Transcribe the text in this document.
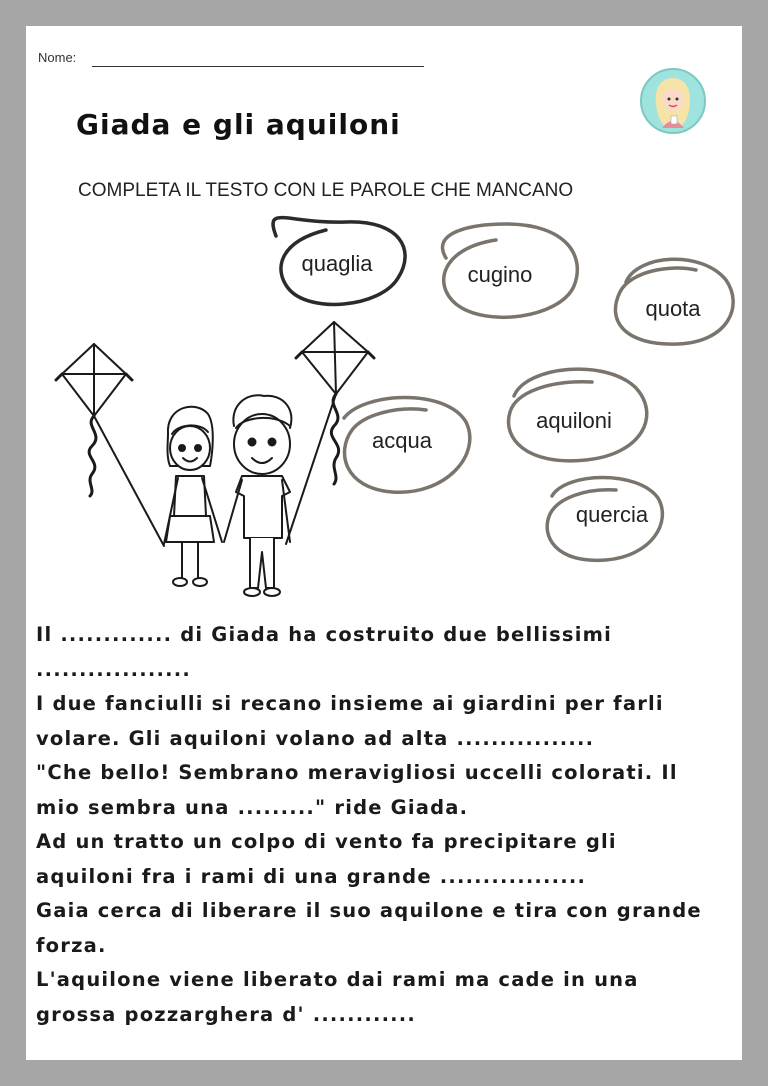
Nome:
Giada e gli aquiloni
COMPLETA IL TESTO CON LE PAROLE CHE MANCANO
quaglia	cugino
quota
acqua
aquiloni
quercia

Il ............. di Giada ha costruito due bellissimi

..................

I due fanciulli si recano insieme ai giardini per farli

volare. Gli aquiloni volano ad alta ................

"Che bello! Sembrano meravigliosi uccelli colorati. Il

mio sembra una ........." ride Giada.

Ad un tratto un colpo di vento fa precipitare gli

aquiloni fra i rami di una grande .................

Gaia cerca di liberare il suo aquilone e tira con grande

forza.

L'aquilone viene liberato dai rami ma cade in una

grossa pozzarghera d' ............
